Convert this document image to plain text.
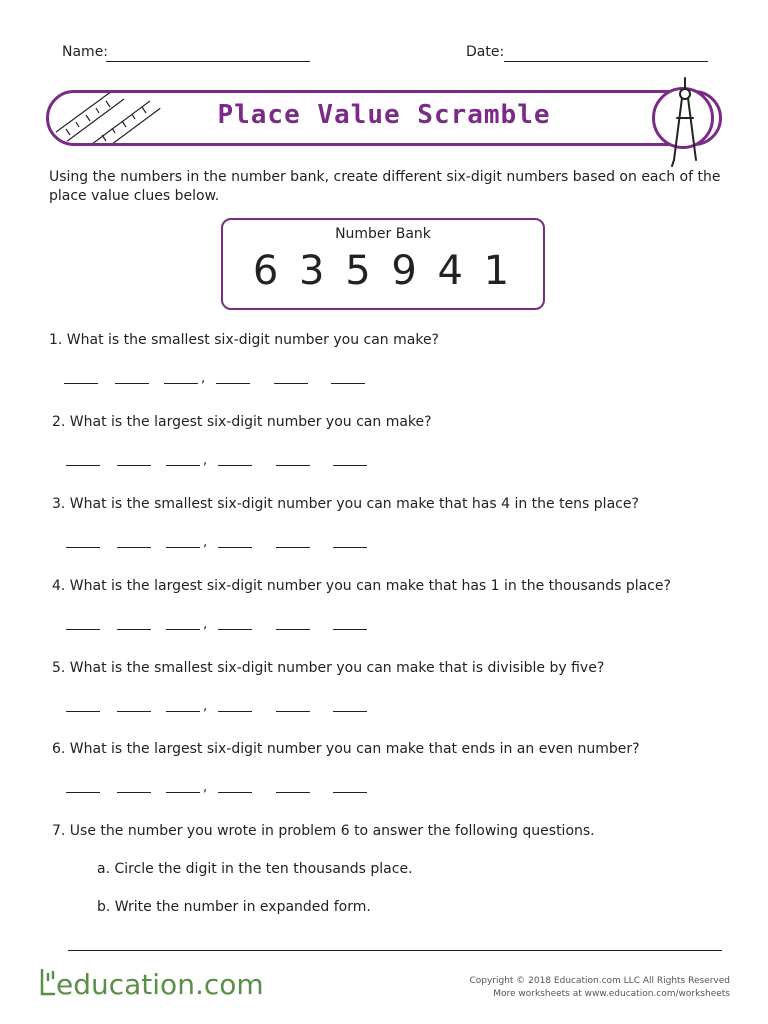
Name:	Date:
Place Value Scramble
Using the numbers in the number bank, create different six-digit numbers based on each of the place value clues below.
Number Bank
6 3 5 9 4 1
1. What is the smallest six-digit number you can make?
,
2. What is the largest six-digit number you can make?
,
3. What is the smallest six-digit number you can make that has 4 in the tens place?
,
4. What is the largest six-digit number you can make that has 1 in the thousands place?
,
5. What is the smallest six-digit number you can make that is divisible by five?
,
6. What is the largest six-digit number you can make that ends in an even number?
,
7. Use the number you wrote in problem 6 to answer the following questions.
a. Circle the digit in the ten thousands place.
b. Write the number in expanded form.
education.com	Copyright © 2018 Education.com LLC All Rights Reserved
More worksheets at www.education.com/worksheets
